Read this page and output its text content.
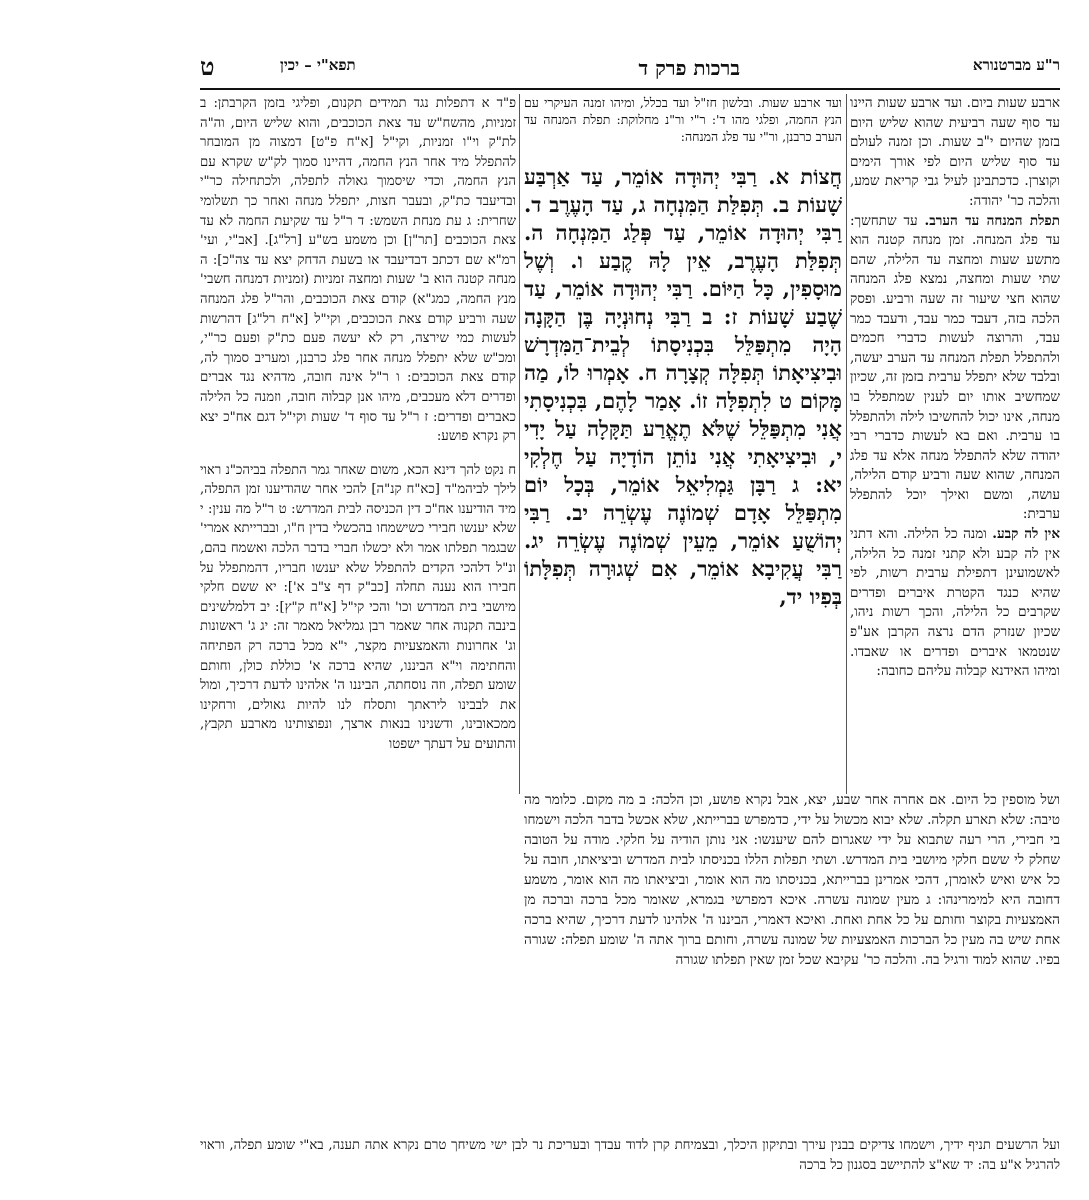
ר"ע מברטנורא
ברכות פרק ד
תפא"י – יכין
ט

ארבע שעות ביום. ועד ארבע שעות היינו עד סוף שעה רביעית שהוא שליש היום בזמן שהיום י"ב שעות. וכן זמנה לעולם עד סוף שליש היום לפי אורך הימים וקוצרן. כדכתבינן לעיל גבי קריאת שמע, והלכה כר' יהודה:

תפלת המנחה עד הערב. עד שתחשך: עד פלג המנחה. זמן מנחה קטנה הוא מתשע שעות ומחצה עד הלילה, שהם שתי שעות ומחצה, נמצא פלג המנחה שהוא חצי שיעור זה שעה ורביע. ופסק הלכה בזה, דעבד כמר עבד, ודעבד כמר עבד, והרוצה לעשות כדברי חכמים ולהתפלל תפלת המנחה עד הערב יעשה, ובלבד שלא יתפלל ערבית בזמן זה, שכיון שמחשיב אותו יום לענין שמתפלל בו מנחה, אינו יכול להחשיבו לילה ולהתפלל בו ערבית. ואם בא לעשות כדברי רבי יהודה שלא להתפלל מנחה אלא עד פלג המנחה, שהוא שעה ורביע קודם הלילה, עושה, ומשם ואילך יוכל להתפלל ערבית:

אין לה קבע. ומנה כל הלילה. והא דתני אין לה קבע ולא קתני זמנה כל הלילה, לאשמועינן דתפילת ערבית רשות, לפי שהיא כנגד הקטרת איברים ופדרים שקרבים כל הלילה, והכך רשות ניהו, שכיון שנזרק הדם נרצה הקרבן אע"פ שנטמאו איברים ופדרים או שאבדו. ומיהו האידנא קבלוה עליהם כחובה:

ועד ארבע שעות. ובלשון חז"ל ועד בכלל, ומיהו זמנה העיקרי עם הנץ החמה, ופלגי מהו ד': ר"י ור"נ מחלוקת: תפלת המנחה עד הערב כרבנן, ור"י עד פלג המנחה:

חֲצוֹת א. רַבִּי יְהוּדָה אוֹמֵר, עַד אַרְבַּע שָׁעוֹת ב. תְּפִלַּת הַמִּנְחָה ג, עַד הָעֶרֶב ד. רַבִּי יְהוּדָה אוֹמֵר, עַד פְּלַג הַמִּנְחָה ה. תְּפִלַּת הָעֶרֶב, אֵין לָהּ קֶבַע ו. וְשֶׁל מוּסָפִין, כָּל הַיּוֹם. רַבִּי יְהוּדָה אוֹמֵר, עַד שֶׁבַע שָׁעוֹת ז: ב רַבִּי נְחוּנְיָה בֶּן הַקָּנָה הָיָה מִתְפַּלֵּל בִּכְנִיסָתוֹ לְבֵית־הַמִּדְרָשׁ וּבִיצִיאָתוֹ תְּפִלָּה קְצָרָה ח. אָמְרוּ לוֹ, מַה מָּקוֹם ט לִתְפִלָּה זוֹ. אָמַר לָהֶם, בִּכְנִיסָתִי אֲנִי מִתְפַּלֵּל שֶׁלֹּא תֶאֱרַע תַּקָּלָה עַל יָדִי י, וּבִיצִיאָתִי אֲנִי נוֹתֵן הוֹדָיָה עַל חֶלְקִי יא: ג רַבָּן גַּמְלִיאֵל אוֹמֵר, בְּכָל יוֹם מִתְפַּלֵּל אָדָם שְׁמוֹנֶה עֶשְׂרֵה יב. רַבִּי יְהוֹשֻׁעַ אוֹמֵר, מֵעֵין שְׁמוֹנֶה עֶשְׂרֵה יג. רַבִּי עֲקִיבָא אוֹמֵר, אִם שְׁגוּרָה תְּפִלָּתוֹ בְּפִיו יד,

פ"ד א דתפלות נגד תמידים תקנום, ופליגי בזמן הקרבתן: ב זמניות, מהשח"ש עד צאת הכוכבים, והוא שליש היום, וה"ה לת"ק וי"ו זמניות, וקי"ל [א"ח פ"ט] דמצוה מן המובחר להתפלל מיד אחר הנץ החמה, דהיינו סמוך לק"ש שקרא עם הנץ החמה, וכדי שיסמוך גאולה לתפלה, ולכתחילה כר"י ובדיעבד כת"ק, ובעבר חצות, יתפלל מנחה ואחר כך תשלומי שחרית: ג עת מנחת השמש: ד ר"ל עד שקיעת החמה לא עד צאת הכוכבים [תר"ן] וכן משמע בש"ע [רל"ג]. [אב"י, ועי' רמ"א שם דכתב דבדיעבד או בשעת הדחק יצא עד צה"כ]: ה מנחה קטנה הוא ב' שעות ומחצה זמניות (זמניות דמנחה חשבי' מנץ החמה, כמג"א) קודם צאת הכוכבים, והר"ל פלג המנחה שעה ורביע קודם צאת הכוכבים, וקי"ל [א"ח רל"ג] דהרשות לעשות כמי שירצה, רק לא יעשה פעם כת"ק ופעם כר"י, ומכ"ש שלא יתפלל מנחה אחר פלג כרבנן, ומעריב סמוך לה, קודם צאת הכוכבים: ו ר"ל אינה חובה, מדהיא נגד אברים ופדרים דלא מעכבים, מיהו אנן קבלוה חובה, וזמנה כל הלילה כאברים ופדרים: ז ר"ל עד סוף ד' שעות וקי"ל דגם אח"כ יצא רק נקרא פושע:

ח נקט להך דינא הכא, משום שאחר גמר התפלה בביהכ"נ ראוי לילך לביהמ"ד [כא"ח קנ"ה] להכי אחר שהודיענו זמן התפלה, מיד הודיענו אח"כ דין הכניסה לבית המדרש: ט ר"ל מה ענין: י שלא יענשו חבירי כשישמחו בהכשלי בדין ח"ו, ובברייתא אמרי' שבגמר תפלתו אמר ולא יכשלו חברי בדבר הלכה ואשמח בהם, ונ"ל דלהכי הקדים להתפלל שלא יענשו חבריו, דהמתפלל על חבירו הוא נענה תחלה [כב"ק דף צ"ב א']: יא ששם חלקי מיושבי בית המדרש וכו' והכי קי"ל [א"ח ק"ץ]: יב דלמלשינים בינבה תקנוה אחר שאמר רבן גמליאל מאמר זה: יג ג' ראשונות וג' אחרונות והאמצעיות מקצר, י"א מכל ברכה רק הפתיחה והחתימה וי"א הביננו, שהיא ברכה א' כוללת כולן, וחותם שומע תפלה, וזה נוסחתה, הביננו ה' אלהינו לדעת דרכיך, ומול את לבבינו ליראתך ותסלח לנו להיות גאולים, ורחקינו ממכאובינו, ודשנינו בנאות ארצך, ונפוצותינו מארבע תקבץ, והתועים על דעתך ישפטו

ושל מוספין כל היום. אם אחרה אחר שבע, יצא, אבל נקרא פושע, וכן הלכה: ב מה מקום. כלומר מה טיבה: שלא תארע תקלה. שלא יבוא מכשול על ידי, כדמפרש בברייתא, שלא אכשל בדבר הלכה וישמחו בי חבירי, הרי רעה שתבוא על ידי שאגרום להם שיענשו: אני נותן הודיה על חלקי. מודה על הטובה שחלק לי ששם חלקי מיושבי בית המדרש. ושתי תפלות הללו בכניסתו לבית המדרש וביציאתו, חובה על כל איש ואיש לאומרן, דהכי אמרינן בברייתא, בכניסתו מה הוא אומר, וביציאתו מה הוא אומר, משמע דחובה היא למימרינהו: ג מעין שמונה עשרה. איכא דמפרשי בגמרא, שאומר מכל ברכה וברכה מן האמצעיות בקוצר וחותם על כל אחת ואחת. ואיכא דאמרי, הביננו ה' אלהינו לדעת דרכיך, שהיא ברכה אחת שיש בה מעין כל הברכות האמצעיות של שמונה עשרה, וחותם ברוך אתה ה' שומע תפלה: שגורה בפיו. שהוא למוד ורגיל בה. והלכה כר' עקיבא שכל זמן שאין תפלתו שגורה

ועל הרשעים תניף ידיך, וישמחו צדיקים בבנין עירך ובתיקון היכלך, ובצמיחת קרן לדוד עבדך ובעריכת נר לבן ישי משיחך טרם נקרא אתה תענה, בא"י שומע תפלה, וראוי להרגיל א"ע בה: יד שא"צ להתיישב בסגנון כל ברכה
